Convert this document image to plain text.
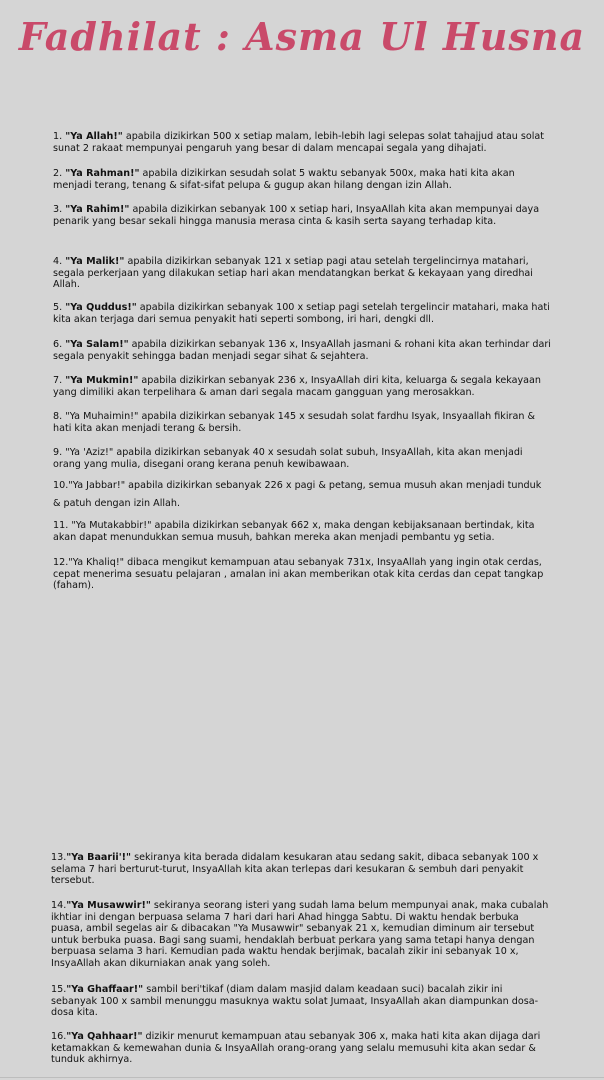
Fadhilat : Asma Ul Husna

1. "Ya Allah!" apabila dizikirkan 500 x setiap malam, lebih-lebih lagi selepas solat tahajjud atau solat sunat 2 rakaat mempunyai pengaruh yang besar di dalam mencapai segala yang dihajati.

2. "Ya Rahman!" apabila dizikirkan sesudah solat 5 waktu sebanyak 500x, maka hati kita akan menjadi terang, tenang & sifat-sifat pelupa & gugup akan hilang dengan izin Allah.

3. "Ya Rahim!" apabila dizikirkan sebanyak 100 x setiap hari, InsyaAllah kita akan mempunyai daya penarik yang besar sekali hingga manusia merasa cinta & kasih serta sayang terhadap kita.

4. "Ya Malik!" apabila dizikirkan sebanyak 121 x setiap pagi atau setelah tergelincirnya matahari, segala perkerjaan yang dilakukan setiap hari akan mendatangkan berkat & kekayaan yang diredhai Allah.

5. "Ya Quddus!" apabila dizikirkan sebanyak 100 x setiap pagi setelah tergelincir matahari, maka hati kita akan terjaga dari semua penyakit hati seperti sombong, iri hari, dengki dll.

6. "Ya Salam!" apabila dizikirkan sebanyak 136 x, InsyaAllah jasmani & rohani kita akan terhindar dari segala penyakit sehingga badan menjadi segar sihat & sejahtera.

7. "Ya Mukmin!" apabila dizikirkan sebanyak 236 x, InsyaAllah diri kita, keluarga & segala kekayaan yang dimiliki akan terpelihara & aman dari segala macam gangguan yang merosakkan.

8. "Ya Muhaimin!" apabila dizikirkan sebanyak 145 x sesudah solat fardhu Isyak, Insyaallah fikiran & hati kita akan menjadi terang & bersih.

9. "Ya 'Aziz!" apabila dizikirkan sebanyak 40 x sesudah solat subuh, InsyaAllah, kita akan menjadi orang yang mulia, disegani orang kerana penuh kewibawaan.

10."Ya Jabbar!" apabila dizikirkan sebanyak 226 x pagi & petang, semua musuh akan menjadi tunduk & patuh dengan izin Allah.

11. "Ya Mutakabbir!" apabila dizikirkan sebanyak 662 x, maka dengan kebijaksanaan bertindak, kita akan dapat menundukkan semua musuh, bahkan mereka akan menjadi pembantu yg setia.

12."Ya Khaliq!" dibaca mengikut kemampuan atau sebanyak 731x, InsyaAllah yang ingin otak cerdas, cepat menerima sesuatu pelajaran , amalan ini akan memberikan otak kita cerdas dan cepat tangkap (faham).

13."Ya Baarii'!" sekiranya kita berada didalam kesukaran atau sedang sakit, dibaca sebanyak 100 x selama 7 hari berturut-turut, InsyaAllah kita akan terlepas dari kesukaran & sembuh dari penyakit tersebut.

14."Ya Musawwir!" sekiranya seorang isteri yang sudah lama belum mempunyai anak, maka cubalah ikhtiar ini dengan berpuasa selama 7 hari dari hari Ahad hingga Sabtu. Di waktu hendak berbuka puasa, ambil segelas air & dibacakan "Ya Musawwir" sebanyak 21 x, kemudian diminum air tersebut untuk berbuka puasa. Bagi sang suami, hendaklah berbuat perkara yang sama tetapi hanya dengan berpuasa selama 3 hari. Kemudian pada waktu hendak berjimak, bacalah zikir ini sebanyak 10 x, InsyaAllah akan dikurniakan anak yang soleh.

15."Ya Ghaffaar!" sambil beri'tikaf (diam dalam masjid dalam keadaan suci) bacalah zikir ini sebanyak 100 x sambil menunggu masuknya waktu solat Jumaat, InsyaAllah akan diampunkan dosa-dosa kita.

16."Ya Qahhaar!" dizikir menurut kemampuan atau sebanyak 306 x, maka hati kita akan dijaga dari ketamakkan & kemewahan dunia & InsyaAllah orang-orang yang selalu memusuhi kita akan sedar & tunduk akhirnya.
